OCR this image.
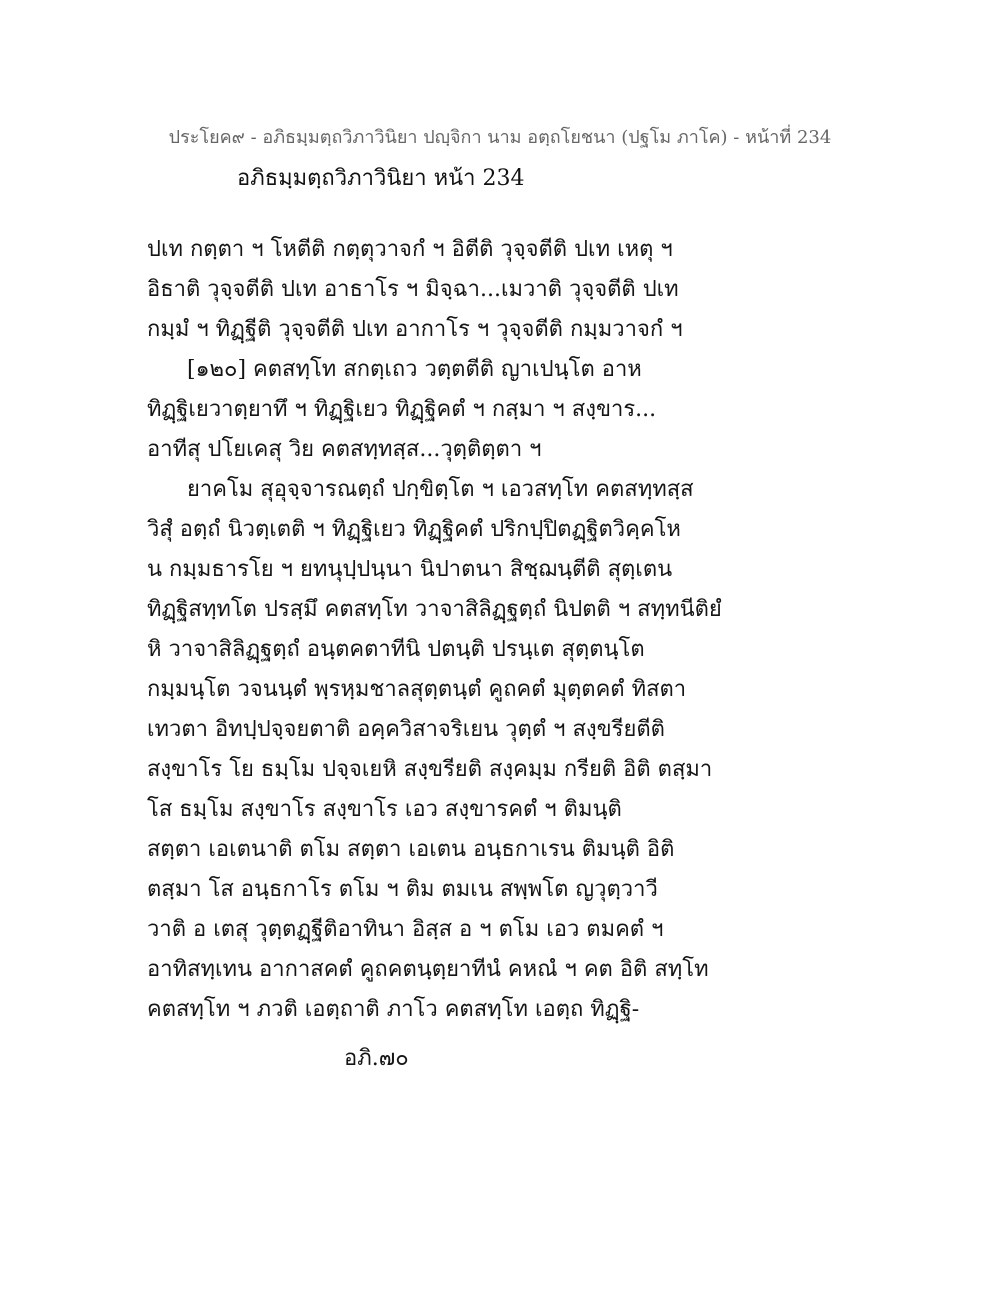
ประโยค๙ - อภิธมฺมตฺถวิภาวินิยา ปญฺจิกา นาม อตฺถโยชนา (ปฐโม ภาโค) - หน้าที่ 234
อภิธมฺมตฺถวิภาวินิยา หน้า 234
ปเท กตฺตา ฯ โหตีติ กตฺตุวาจกํ ฯ อิตีติ วุจฺจตีติ ปเท เหตุ ฯ
อิธาติ วุจฺจตีติ ปเท อาธาโร ฯ มิจฺฉา...เมวาติ วุจฺจตีติ ปเท
กมฺมํ ฯ ทิฏฺฐีติ วุจฺจตีติ ปเท อากาโร ฯ วุจฺจตีติ กมฺมวาจกํ ฯ
[๑๒๐] คตสทฺโท สกตฺเถว วตฺตตีติ ญาเปนฺโต อาห
ทิฏฺฐิเยวาตฺยาทึ ฯ ทิฏฺฐิเยว ทิฏฺฐิคตํ ฯ กสฺมา ฯ สงฺขาร...
อาทีสุ ปโยเคสุ วิย คตสทฺทสฺส...วุตฺติตฺตา ฯ
ยาคโม สุอุจฺจารณตฺถํ ปกฺขิตฺโต ฯ เอวสทฺโท คตสทฺทสฺส
วิสุํ อตฺถํ นิวตฺเตติ ฯ ทิฏฺฐิเยว ทิฏฺฐิคตํ ปริกปฺปิตฏฺฐิตวิคฺคโห
น กมฺมธารโย ฯ ยทนุปฺปนฺนา นิปาตนา สิชฺฌนฺตีติ สุตฺเตน
ทิฏฺฐิสทฺทโต ปรสฺมึ คตสทฺโท วาจาสิลิฏฺฐตฺถํ นิปตติ ฯ สทฺทนีติยํ
หิ วาจาสิลิฏฺฐตฺถํ อนฺตคตาทีนิ ปตนฺติ ปรนฺเต สุตฺตนฺโต
กมฺมนฺโต วจนนฺตํ พฺรหฺมชาลสุตฺตนฺตํ คูถคตํ มุตฺตคตํ ทิสตา
เทวตา อิทปฺปจฺจยตาติ อคฺควิสาจริเยน วุตฺตํ ฯ สงฺขรียตีติ
สงฺขาโร โย ธมฺโม ปจฺจเยหิ สงฺขรียติ สงฺคมฺม กรียติ อิติ ตสฺมา
โส ธมฺโม สงฺขาโร สงฺขาโร เอว สงฺขารคตํ ฯ ติมนฺติ
สตฺตา เอเตนาติ ตโม สตฺตา เอเตน อนฺธกาเรน ติมนฺติ อิติ
ตสฺมา โส อนฺธกาโร ตโม ฯ ติม ตมเน สพฺพโต ญวุตฺวาวี
วาติ อ เตสุ วุตฺตฏฺฐีติอาทินา อิสฺส อ ฯ ตโม เอว ตมคตํ ฯ
อาทิสทฺเทน อากาสคตํ คูถคตนฺตฺยาทีนํ คหณํ ฯ คต อิติ สทฺโท
คตสทฺโท ฯ ภวติ เอตฺถาติ ภาโว คตสทฺโท เอตฺถ ทิฏฺฐิ-
อภิ.๗๐
